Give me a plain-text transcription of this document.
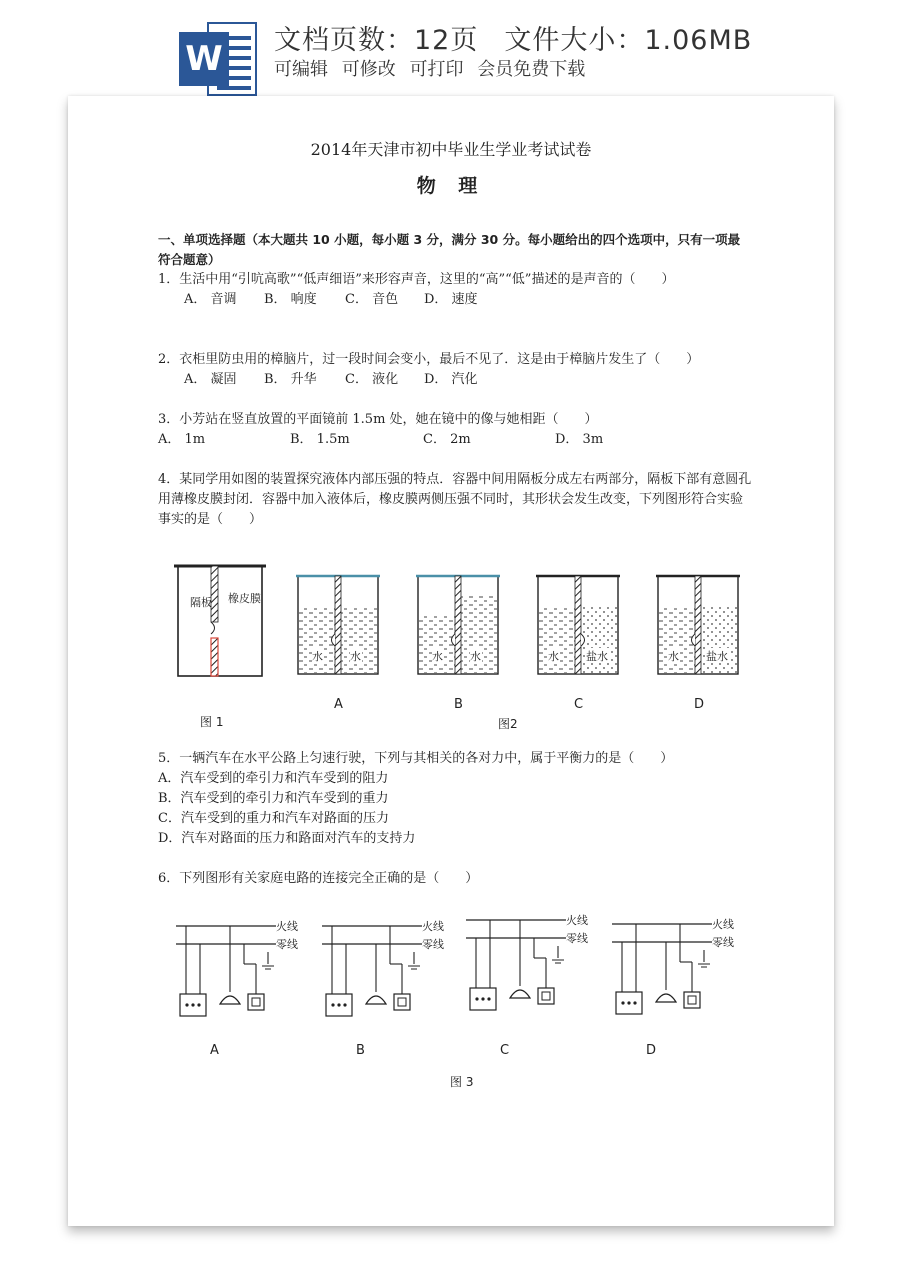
W 文档页数：12页 文件大小：1.06MB
可编辑 可修改 可打印 会员免费下载
2014年天津市初中毕业生学业考试试卷
物 理
一、单项选择题（本大题共 10 小题，每小题 3 分，满分 30 分。每小题给出的四个选项中，只有一项最
符合题意）
1．生活中用“引吭高歌”“低声细语”来形容声音，这里的“高”“低”描述的是声音的（　　）
A． 音调 B． 响度 C． 音色 D． 速度
2．衣柜里防虫用的樟脑片，过一段时间会变小，最后不见了．这是由于樟脑片发生了（　　）
A． 凝固 B． 升华 C． 液化 D． 汽化
3．小芳站在竖直放置的平面镜前 1.5m 处，她在镜中的像与她相距（　　）
A． 1m	B． 1.5m	C． 2m	D． 3m
4．某同学用如图的装置探究液体内部压强的特点．容器中间用隔板分成左右两部分，隔板下部有意圆孔
用薄橡皮膜封闭．容器中加入液体后，橡皮膜两侧压强不同时，其形状会发生改变，下列图形符合实验
事实的是（　　）
隔板 橡皮膜
图 1
水 水
A
水 水
B
水 盐水
C
水 盐水
D
图2
5．一辆汽车在水平公路上匀速行驶，下列与其相关的各对力中，属于平衡力的是（　　）
A．汽车受到的牵引力和汽车受到的阻力
B．汽车受到的牵引力和汽车受到的重力
C．汽车受到的重力和汽车对路面的压力
D．汽车对路面的压力和路面对汽车的支持力
6．下列图形有关家庭电路的连接完全正确的是（　　）
火线
零线
A
火线
零线
B
火线
零线
C
火线
零线
D
图 3
